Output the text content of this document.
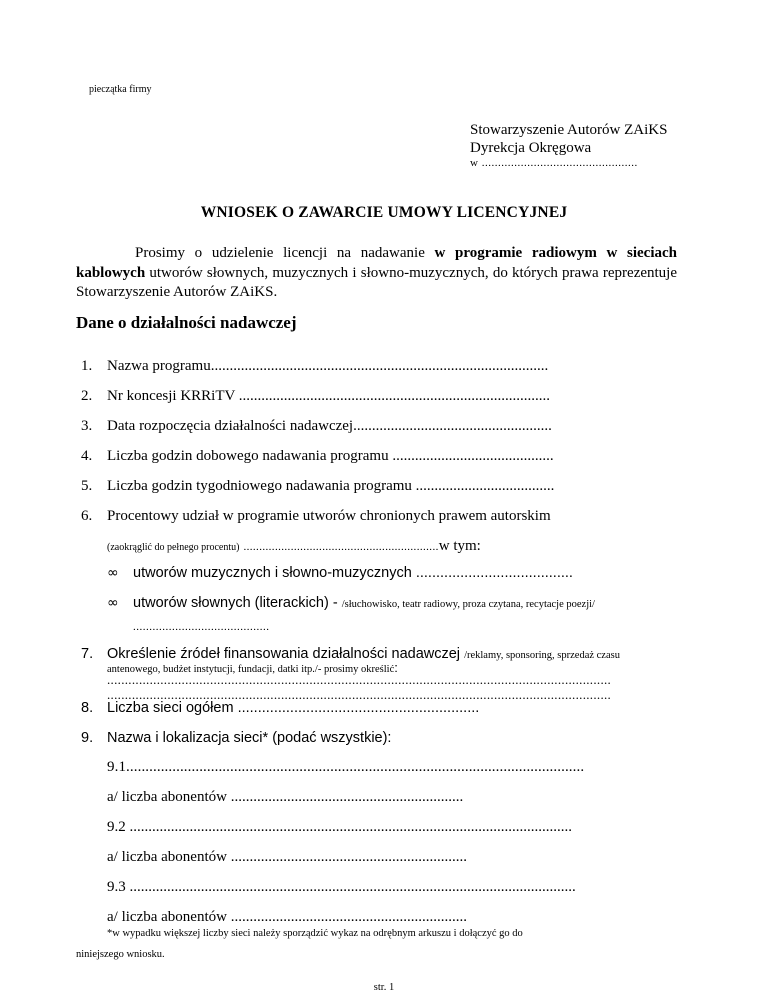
pieczątka firmy
Stowarzyszenie Autorów ZAiKS
Dyrekcja Okręgowa
w ................................................
WNIOSEK O ZAWARCIE UMOWY LICENCYJNEJ
Prosimy o udzielenie licencji na nadawanie w programie radiowym w sieciach kablowych utworów słownych, muzycznych i słowno-muzycznych, do których prawa reprezentuje Stowarzyszenie Autorów ZAiKS.
Dane o działalności nadawczej
1. Nazwa programu..........................................................................................
2. Nr koncesji KRRiTV ...................................................................................
3. Data rozpoczęcia działalności nadawczej.....................................................
4. Liczba godzin dobowego nadawania programu ...........................................
5. Liczba godzin tygodniowego nadawania programu .....................................
6. Procentowy udział w programie utworów chronionych prawem autorskim
(zaokrąglić do pełnego procentu) ..............................................................w tym:
∞ utworów muzycznych i słowno-muzycznych .......................................
∞ utworów słownych (literackich) - /słuchowisko, teatr radiowy, proza czytana, recytacje poezji/
..........................................
7. Określenie źródeł finansowania działalności nadawczej /reklamy, sponsoring, sprzedaż czasu
antenowego, budżet instytucji, fundacji, datki itp./- prosimy określić:
..............................................................................................................................................
..............................................................................................................................................
8. Liczba sieci ogółem ............................................................
9. Nazwa i lokalizacja sieci* (podać wszystkie):
9.1.......................................................................................................................
a/ liczba abonentów ..............................................................
9.2 ......................................................................................................................
a/ liczba abonentów ...............................................................
9.3 .......................................................................................................................
a/ liczba abonentów ...............................................................
*w wypadku większej liczby sieci należy sporządzić wykaz na odrębnym arkuszu i dołączyć go do
niniejszego wniosku.
str. 1
